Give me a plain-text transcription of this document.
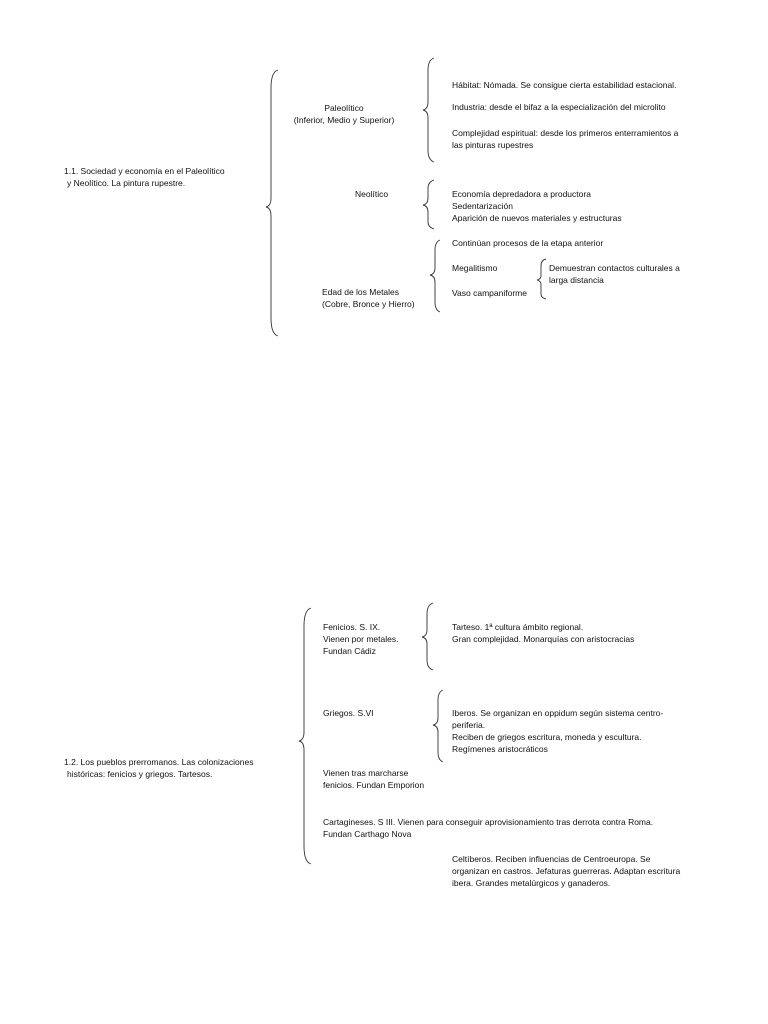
1.1. Sociedad y economía en el Paleolítico
y Neolítico. La pintura rupestre.
Paleolítico
(Inferior, Medio y Superior)
Hábitat: Nómada. Se consigue cierta estabilidad estacional.
Industria: desde el bifaz a la especialización del microlito
Complejidad espiritual: desde los primeros enterramientos a
las pinturas rupestres
Neolítico	Economía depredadora a productora
Sedentarización
Aparición de nuevos materiales y estructuras
Continúan procesos de la etapa anterior
Megalitismo
Vaso campaniforme
Demuestran contactos culturales a
larga distancia
Edad de los Metales
(Cobre, Bronce y Hierro)
1.2. Los pueblos prerromanos. Las colonizaciones
históricas: fenicios y griegos. Tartesos.
Fenicios. S. IX.
Vienen por metales.
Fundan Cádiz
Tarteso. 1ª cultura ámbito regional.
Gran complejidad. Monarquías con aristocracias
Griegos. S.VI	Iberos. Se organizan en oppidum según sistema centro-
periferia.
Reciben de griegos escritura, moneda y escultura.
Regímenes aristocráticos
Vienen tras marcharse
fenicios. Fundan Emporion
Cartagineses. S III. Vienen para conseguir aprovisionamiento tras derrota contra Roma.
Fundan Carthago Nova
Celtíberos. Reciben influencias de Centroeuropa. Se
organizan en castros. Jefaturas guerreras. Adaptan escritura
ibera. Grandes metalúrgicos y ganaderos.
